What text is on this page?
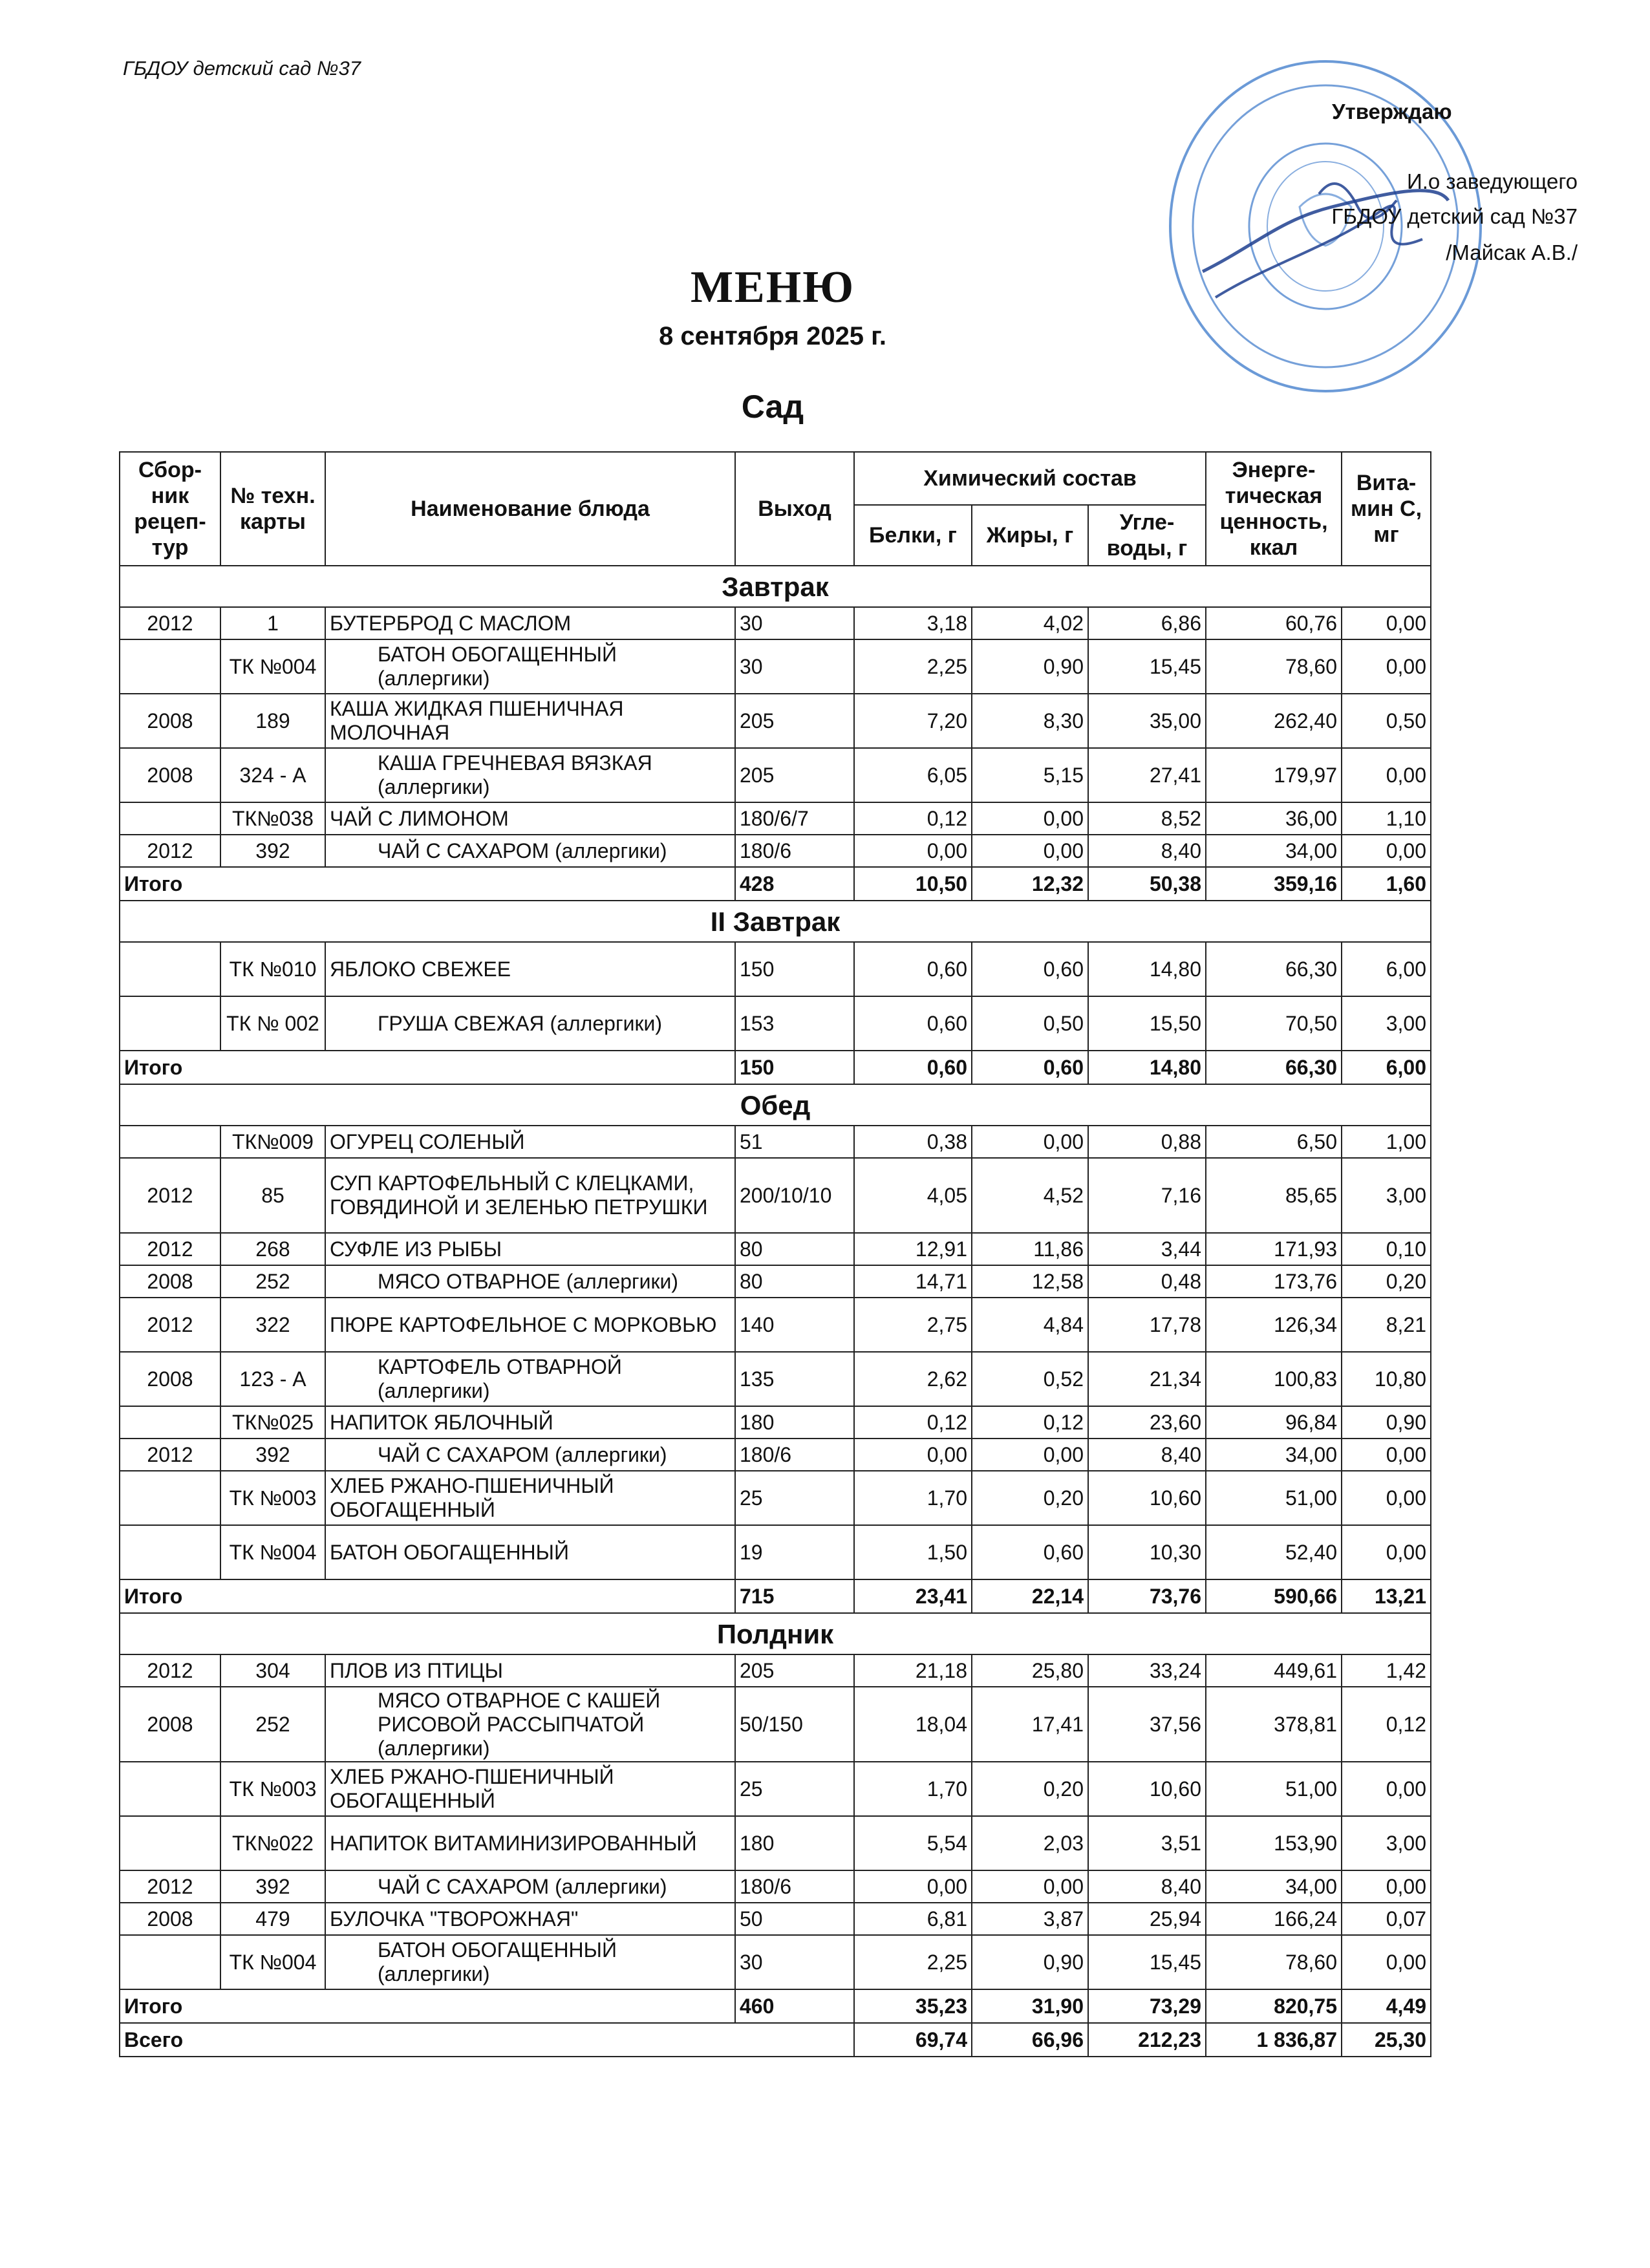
ГБДОУ детский сад №37
Утверждаю
И.о заведующего
ГБДОУ детский сад №37
/Майсак А.В./
МЕНЮ
8 сентября 2025 г.
Сад
Сбор-ник рецеп-тур	№ техн. карты	Наименование блюда	Выход	Химический состав			Энерге-тическая ценность, ккал	Вита-мин С, мг
				Белки, г	Жиры, г	Угле-воды, г		
Завтрак								
2012	1	БУТЕРБРОД С МАСЛОМ	30	3,18	4,02	6,86	60,76	0,00
	ТК №004	БАТОН ОБОГАЩЕННЫЙ (аллергики)	30	2,25	0,90	15,45	78,60	0,00
2008	189	КАША ЖИДКАЯ ПШЕНИЧНАЯ МОЛОЧНАЯ	205	7,20	8,30	35,00	262,40	0,50
2008	324 - А	КАША ГРЕЧНЕВАЯ ВЯЗКАЯ (аллергики)	205	6,05	5,15	27,41	179,97	0,00
	ТК№038	ЧАЙ С ЛИМОНОМ	180/6/7	0,12	0,00	8,52	36,00	1,10
2012	392	ЧАЙ С САХАРОМ (аллергики)	180/6	0,00	0,00	8,40	34,00	0,00
Итого			428	10,50	12,32	50,38	359,16	1,60
II Завтрак								
	ТК №010	ЯБЛОКО СВЕЖЕЕ	150	0,60	0,60	14,80	66,30	6,00
	ТК № 002	ГРУША СВЕЖАЯ (аллергики)	153	0,60	0,50	15,50	70,50	3,00
Итого			150	0,60	0,60	14,80	66,30	6,00
Обед								
	ТК№009	ОГУРЕЦ СОЛЕНЫЙ	51	0,38	0,00	0,88	6,50	1,00
2012	85	СУП КАРТОФЕЛЬНЫЙ С КЛЕЦКАМИ, ГОВЯДИНОЙ И ЗЕЛЕНЬЮ ПЕТРУШКИ	200/10/10	4,05	4,52	7,16	85,65	3,00
2012	268	СУФЛЕ ИЗ РЫБЫ	80	12,91	11,86	3,44	171,93	0,10
2008	252	МЯСО ОТВАРНОЕ (аллергики)	80	14,71	12,58	0,48	173,76	0,20
2012	322	ПЮРЕ КАРТОФЕЛЬНОЕ С МОРКОВЬЮ	140	2,75	4,84	17,78	126,34	8,21
2008	123 - А	КАРТОФЕЛЬ ОТВАРНОЙ (аллергики)	135	2,62	0,52	21,34	100,83	10,80
	ТК№025	НАПИТОК ЯБЛОЧНЫЙ	180	0,12	0,12	23,60	96,84	0,90
2012	392	ЧАЙ С САХАРОМ (аллергики)	180/6	0,00	0,00	8,40	34,00	0,00
	ТК №003	ХЛЕБ РЖАНО-ПШЕНИЧНЫЙ ОБОГАЩЕННЫЙ	25	1,70	0,20	10,60	51,00	0,00
	ТК №004	БАТОН ОБОГАЩЕННЫЙ	19	1,50	0,60	10,30	52,40	0,00
Итого			715	23,41	22,14	73,76	590,66	13,21
Полдник								
2012	304	ПЛОВ ИЗ ПТИЦЫ	205	21,18	25,80	33,24	449,61	1,42
2008	252	МЯСО ОТВАРНОЕ С КАШЕЙ РИСОВОЙ РАССЫПЧАТОЙ (аллергики)	50/150	18,04	17,41	37,56	378,81	0,12
	ТК №003	ХЛЕБ РЖАНО-ПШЕНИЧНЫЙ ОБОГАЩЕННЫЙ	25	1,70	0,20	10,60	51,00	0,00
	ТК№022	НАПИТОК ВИТАМИНИЗИРОВАННЫЙ	180	5,54	2,03	3,51	153,90	3,00
2012	392	ЧАЙ С САХАРОМ (аллергики)	180/6	0,00	0,00	8,40	34,00	0,00
2008	479	БУЛОЧКА "ТВОРОЖНАЯ"	50	6,81	3,87	25,94	166,24	0,07
	ТК №004	БАТОН ОБОГАЩЕННЫЙ (аллергики)	30	2,25	0,90	15,45	78,60	0,00
Итого			460	35,23	31,90	73,29	820,75	4,49
Всего				69,74	66,96	212,23	1 836,87	25,30
